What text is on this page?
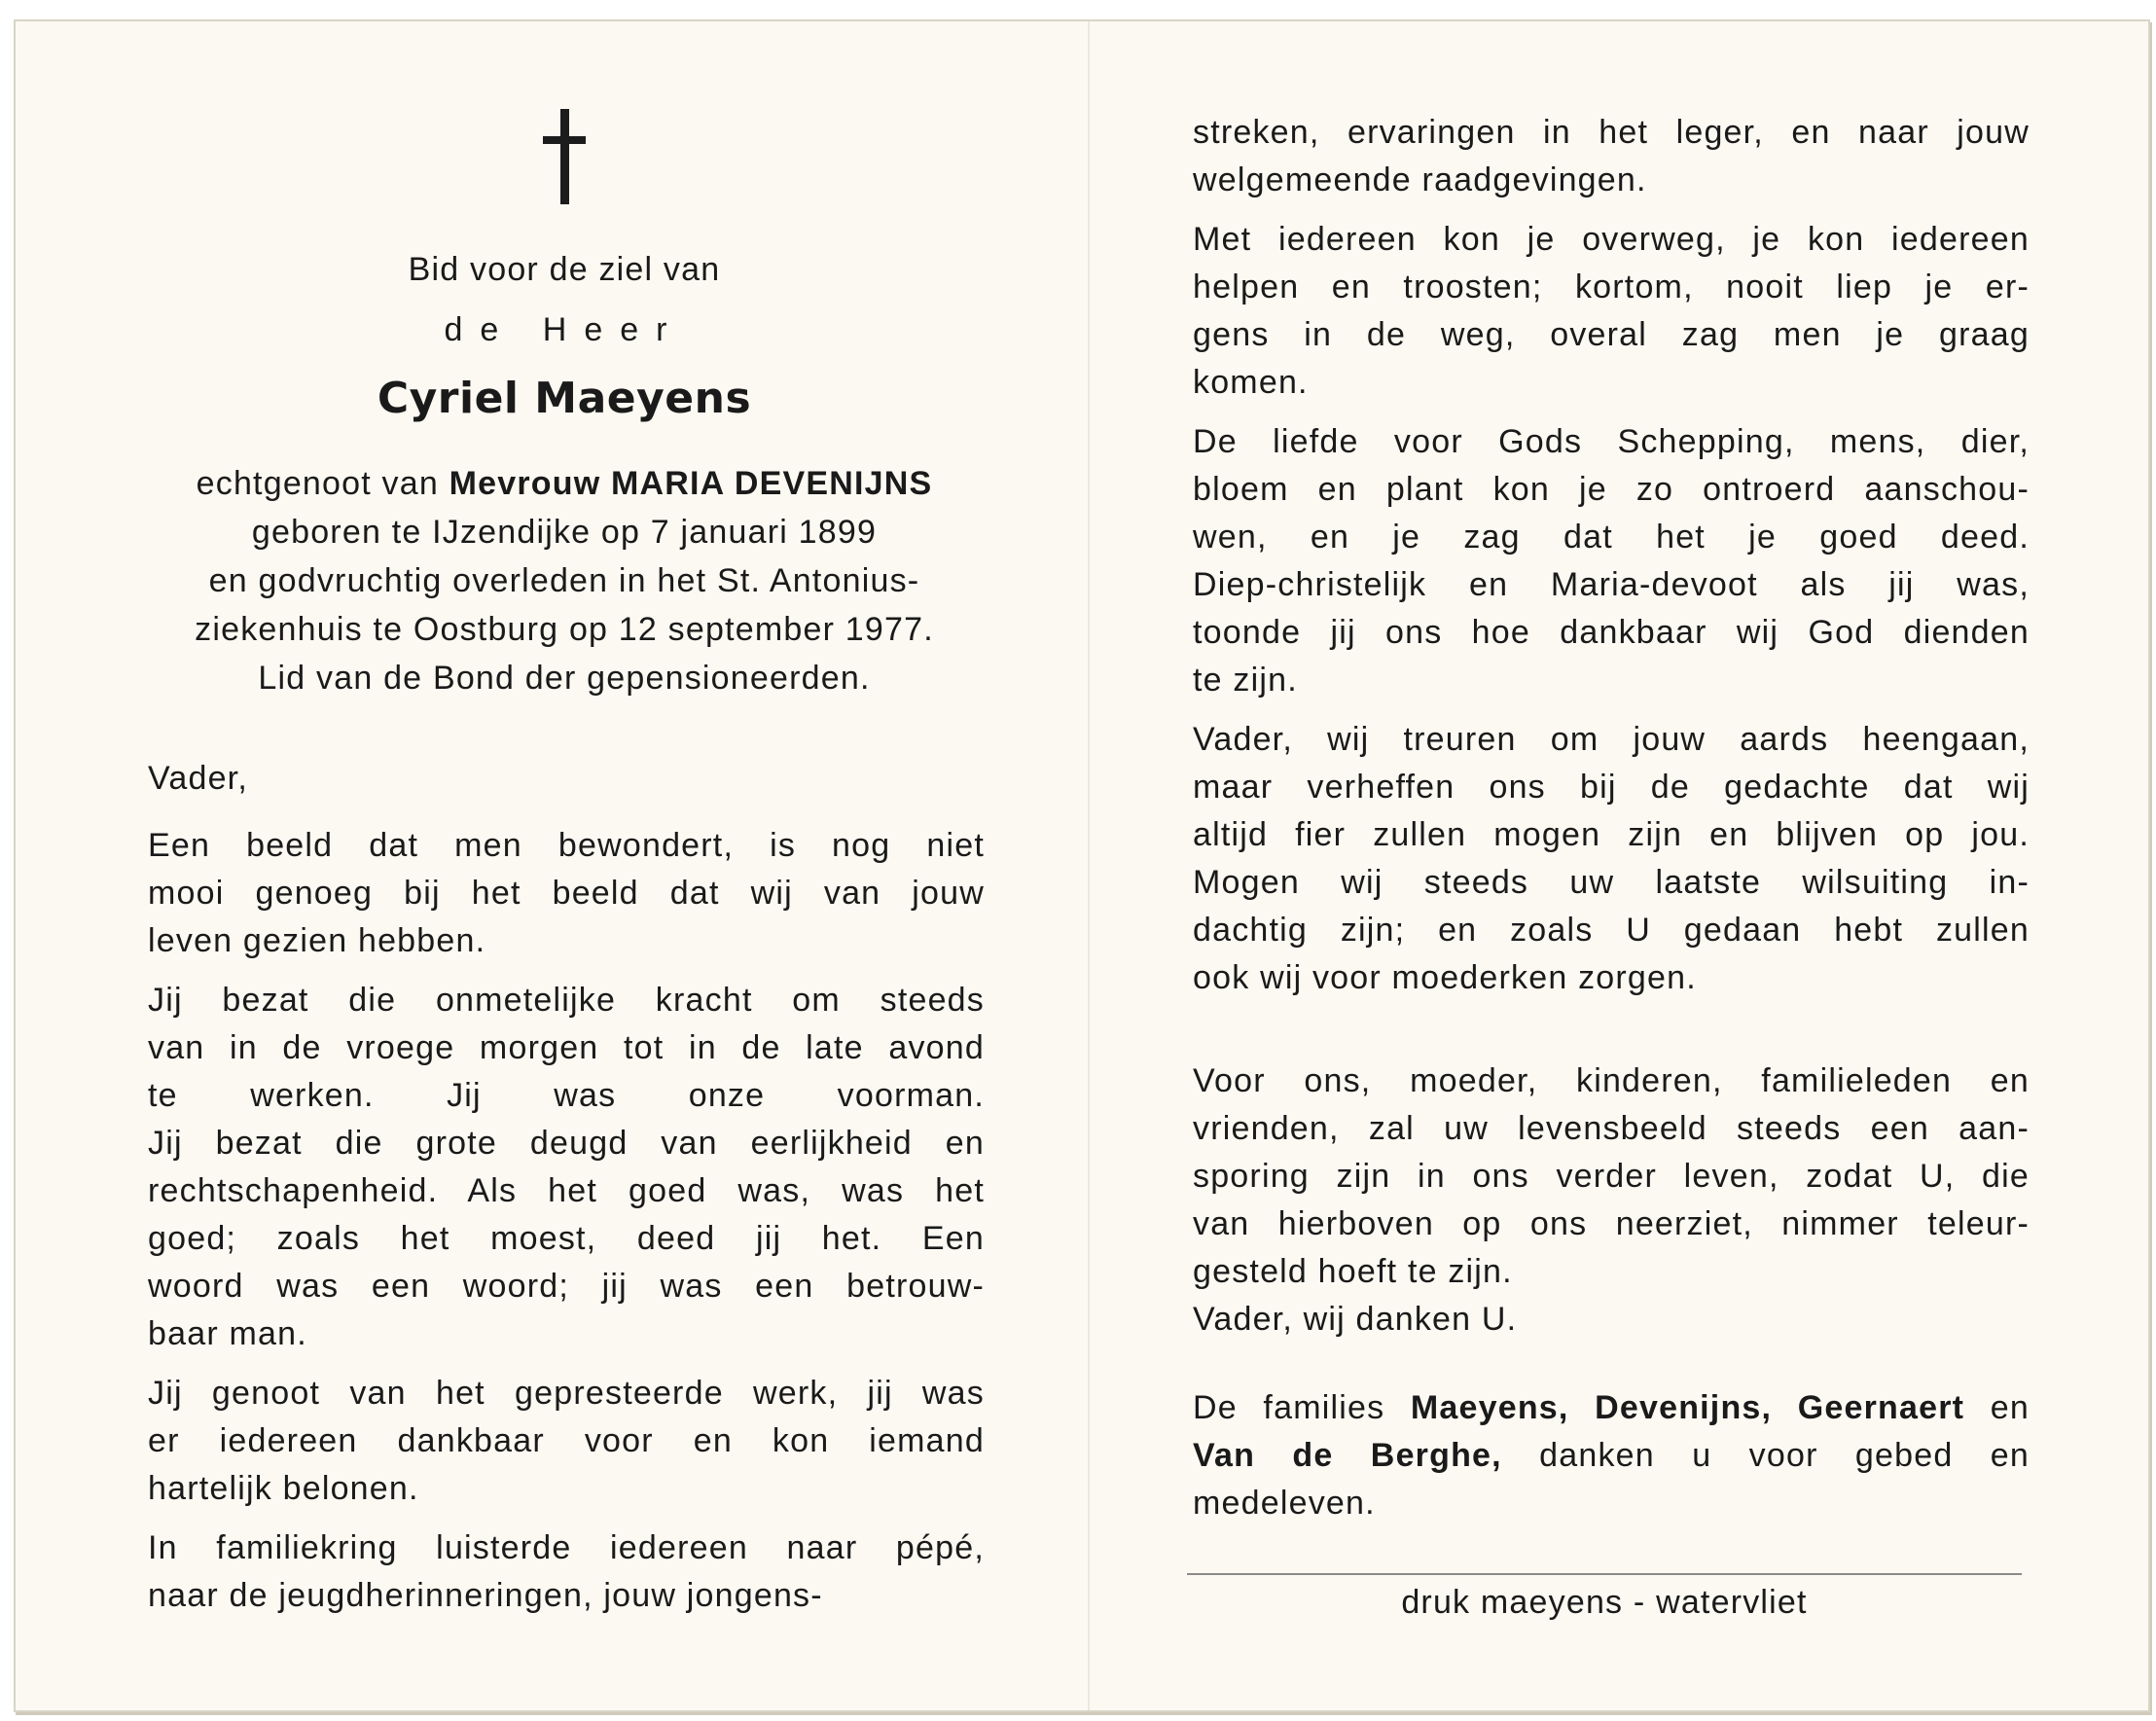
Bid voor de ziel van
de Heer
Cyriel Maeyens
echtgenoot van Mevrouw MARIA DEVENIJNS
geboren te IJzendijke op 7 januari 1899
en godvruchtig overleden in het St. Antonius-
ziekenhuis te Oostburg op 12 september 1977.
Lid van de Bond der gepensioneerden.
Vader,
Een beeld dat men bewondert, is nog niet
mooi genoeg bij het beeld dat wij van jouw
leven gezien hebben.
Jij bezat die onmetelijke kracht om steeds
van in de vroege morgen tot in de late avond
te werken. Jij was onze voorman.
Jij bezat die grote deugd van eerlijkheid en
rechtschapenheid. Als het goed was, was het
goed; zoals het moest, deed jij het. Een
woord was een woord; jij was een betrouw-
baar man.
Jij genoot van het gepresteerde werk, jij was
er iedereen dankbaar voor en kon iemand
hartelijk belonen.
In familiekring luisterde iedereen naar pépé,
naar de jeugdherinneringen, jouw jongens-
streken, ervaringen in het leger, en naar jouw
welgemeende raadgevingen.
Met iedereen kon je overweg, je kon iedereen
helpen en troosten; kortom, nooit liep je er-
gens in de weg, overal zag men je graag
komen.
De liefde voor Gods Schepping, mens, dier,
bloem en plant kon je zo ontroerd aanschou-
wen, en je zag dat het je goed deed.
Diep-christelijk en Maria-devoot als jij was,
toonde jij ons hoe dankbaar wij God dienden
te zijn.
Vader, wij treuren om jouw aards heengaan,
maar verheffen ons bij de gedachte dat wij
altijd fier zullen mogen zijn en blijven op jou.
Mogen wij steeds uw laatste wilsuiting in-
dachtig zijn; en zoals U gedaan hebt zullen
ook wij voor moederken zorgen.
Voor ons, moeder, kinderen, familieleden en
vrienden, zal uw levensbeeld steeds een aan-
sporing zijn in ons verder leven, zodat U, die
van hierboven op ons neerziet, nimmer teleur-
gesteld hoeft te zijn.
Vader, wij danken U.
De families Maeyens, Devenijns, Geernaert en
Van de Berghe, danken u voor gebed en
medeleven.
druk maeyens - watervliet
